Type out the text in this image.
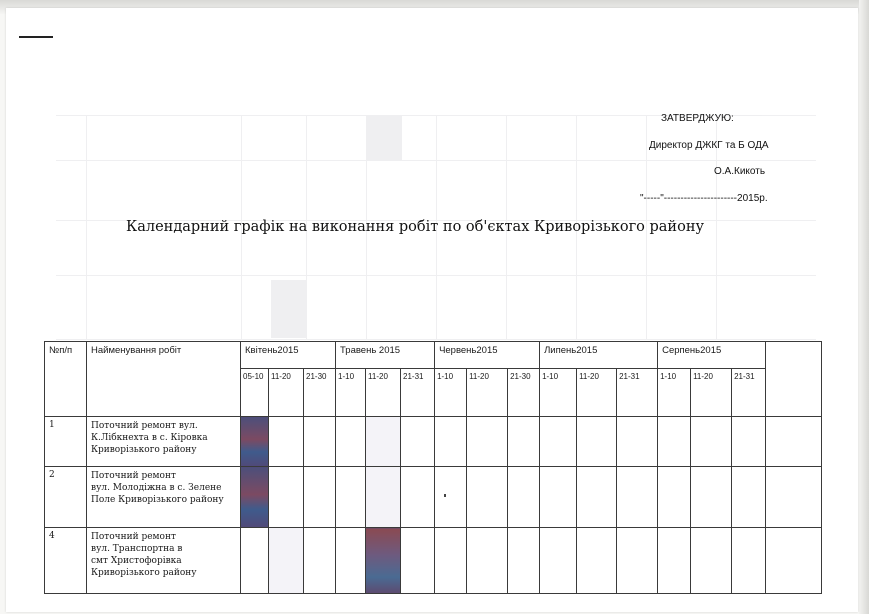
ЗАТВЕРДЖУЮ:
Директор ДЖКГ та Б ОДА
О.А.Кикоть
"-----"----------------------2015р.
Календарний графік на виконання робіт по об'єктах Криворізького району
№п/п	Найменування робіт	Квітень2015			Травень 2015			Червень2015			Липень2015			Серпень2015			

		05-10	11-20	21-30	1-10	11-20	21-31	1-10	11-20	21-30	1-10	11-20	21-31	1-10	11-20	21-31	

1	Поточний ремонт вул.
К.Лібкнехта в с. Кіровка
Криворізького району																

2	Поточний ремонт
вул. Молодіжна в с. Зелене
Поле Криворізького району																

4	Поточний ремонт
вул. Транспортна в
смт Христофорівка
Криворізького району																
